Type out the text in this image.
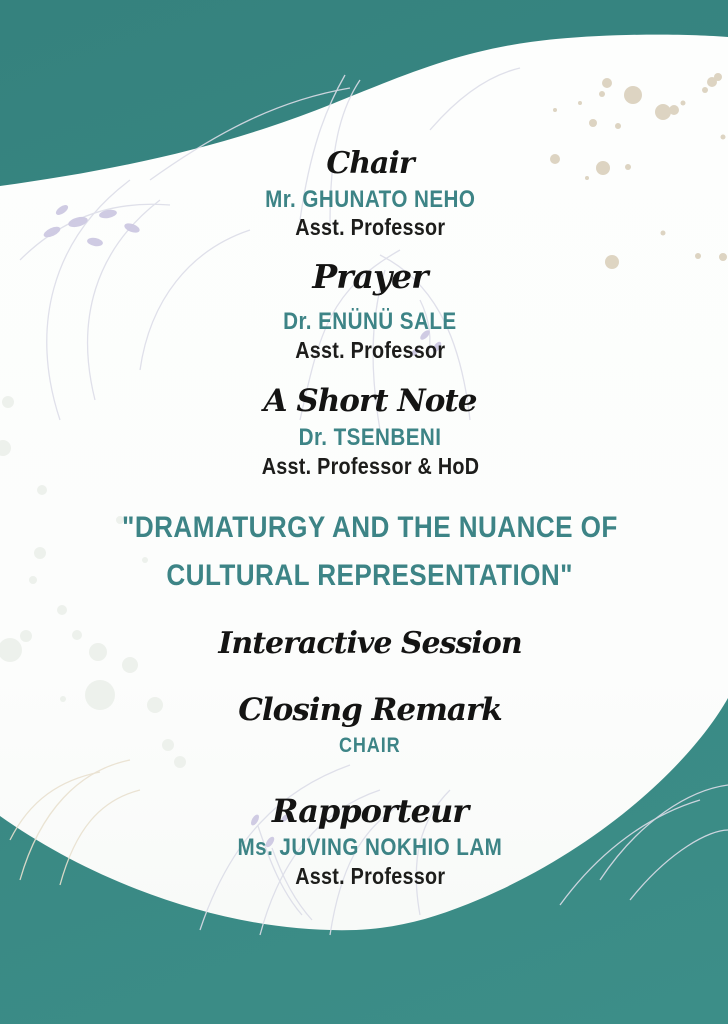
Chair
Mr. GHUNATO NEHO
Asst. Professor
Prayer
Dr. ENÜNÜ SALE
Asst. Professor
A Short Note
Dr. TSENBENI
Asst. Professor & HoD
"DRAMATURGY AND THE NUANCE OF
CULTURAL REPRESENTATION"
Interactive Session
Closing Remark
CHAIR
Rapporteur
Ms. JUVING NOKHIO LAM
Asst. Professor
